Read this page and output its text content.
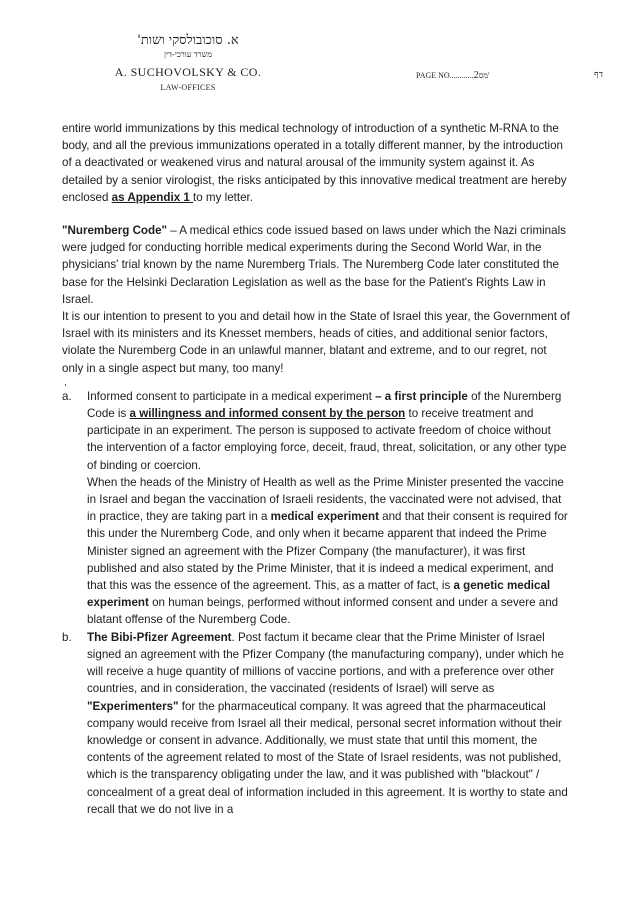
א. סוכובולסקי ושות'
משרד עורכי-דין
A. SUCHOVOLSKY & CO.
LAW-OFFICES
PAGE NO............2מס'	דף

entire world immunizations by this medical technology of introduction of a synthetic M-RNA to the body, and all the previous immunizations operated in a totally different manner, by the introduction of a deactivated or weakened virus and natural arousal of the immunity system against it. As detailed by a senior virologist, the risks anticipated by this innovative medical treatment are hereby enclosed as Appendix 1 to my letter.

"Nuremberg Code" – A medical ethics code issued based on laws under which the Nazi criminals were judged for conducting horrible medical experiments during the Second World War, in the physicians' trial known by the name Nuremberg Trials. The Nuremberg Code later constituted the base for the Helsinki Declaration Legislation as well as the base for the Patient's Rights Law in Israel.

It is our intention to present to you and detail how in the State of Israel this year, the Government of Israel with its ministers and its Knesset members, heads of cities, and additional senior factors, violate the Nuremberg Code in an unlawful manner, blatant and extreme, and to our regret, not only in a single aspect but many, too many!

,

a. Informed consent to participate in a medical experiment – a first principle of the Nuremberg Code is a willingness and informed consent by the person to receive treatment and participate in an experiment. The person is supposed to activate freedom of choice without the intervention of a factor employing force, deceit, fraud, threat, solicitation, or any other type of binding or coercion.

When the heads of the Ministry of Health as well as the Prime Minister presented the vaccine in Israel and began the vaccination of Israeli residents, the vaccinated were not advised, that in practice, they are taking part in a medical experiment and that their consent is required for this under the Nuremberg Code, and only when it became apparent that indeed the Prime Minister signed an agreement with the Pfizer Company (the manufacturer), it was first published and also stated by the Prime Minister, that it is indeed a medical experiment, and that this was the essence of the agreement. This, as a matter of fact, is a genetic medical experiment on human beings, performed without informed consent and under a severe and blatant offense of the Nuremberg Code.

b. The Bibi-Pfizer Agreement. Post factum it became clear that the Prime Minister of Israel signed an agreement with the Pfizer Company (the manufacturing company), under which he will receive a huge quantity of millions of vaccine portions, and with a preference over other countries, and in consideration, the vaccinated (residents of Israel) will serve as "Experimenters" for the pharmaceutical company. It was agreed that the pharmaceutical company would receive from Israel all their medical, personal secret information without their knowledge or consent in advance. Additionally, we must state that until this moment, the contents of the agreement related to most of the State of Israel residents, was not published, which is the transparency obligating under the law, and it was published with "blackout" / concealment of a great deal of information included in this agreement. It is worthy to state and recall that we do not live in a
